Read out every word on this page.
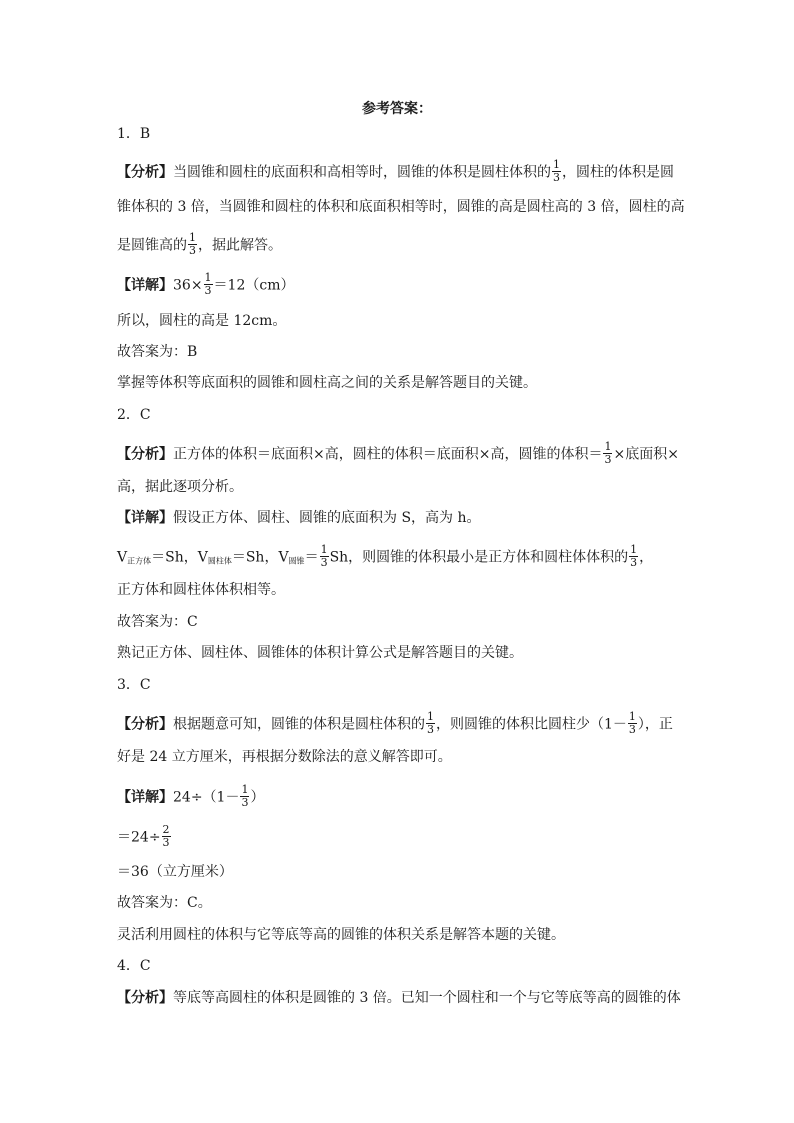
参考答案：
1．B
【分析】当圆锥和圆柱的底面积和高相等时，圆锥的体积是圆柱体积的 $\frac{1}{3}$ ，圆柱的体积是圆
锥体积的 3 倍，当圆锥和圆柱的体积和底面积相等时，圆锥的高是圆柱高的 3 倍，圆柱的高
是圆锥高的 $\frac{1}{3}$ ，据此解答。
【详解】$36\times \frac{1}{3} =12(cm)$
所以，圆柱的高是 12cm。
故答案为：B
掌握等体积等底面积的圆锥和圆柱高之间的关系是解答题目的关键。
2．C
【分析】正方体的体积＝底面积×高，圆柱的体积＝底面积×高，圆锥的体积＝ $\frac{1}{3}$ ×底面积×
高，据此逐项分析。
【详解】假设正方体、圆柱、圆锥的底面积为 S，高为 h。
$V_{正方体}=Sh$，$V_{圆柱体}=Sh$，$V_{圆锥}= \frac{1}{3}$ Sh，则圆锥的体积最小是正方体和圆柱体体积的 $\frac{1}{3}$ ，
正方体和圆柱体体积相等。
故答案为：C
熟记正方体、圆柱体、圆锥体的体积计算公式是解答题目的关键。
3．C
【分析】根据题意可知，圆锥的体积是圆柱体积的 $\frac{1}{3}$ ，则圆锥的体积比圆柱少（$1- \frac{1}{3}$ ），正
好是 24 立方厘米，再根据分数除法的意义解答即可。
【详解】$24\div(1- \frac{1}{3}$ ）
$=24\div \frac{2}{3}$
＝36（立方厘米）
故答案为：C。
灵活利用圆柱的体积与它等底等高的圆锥的体积关系是解答本题的关键。
4．C
【分析】等底等高圆柱的体积是圆锥的 3 倍。已知一个圆柱和一个与它等底等高的圆锥的体
